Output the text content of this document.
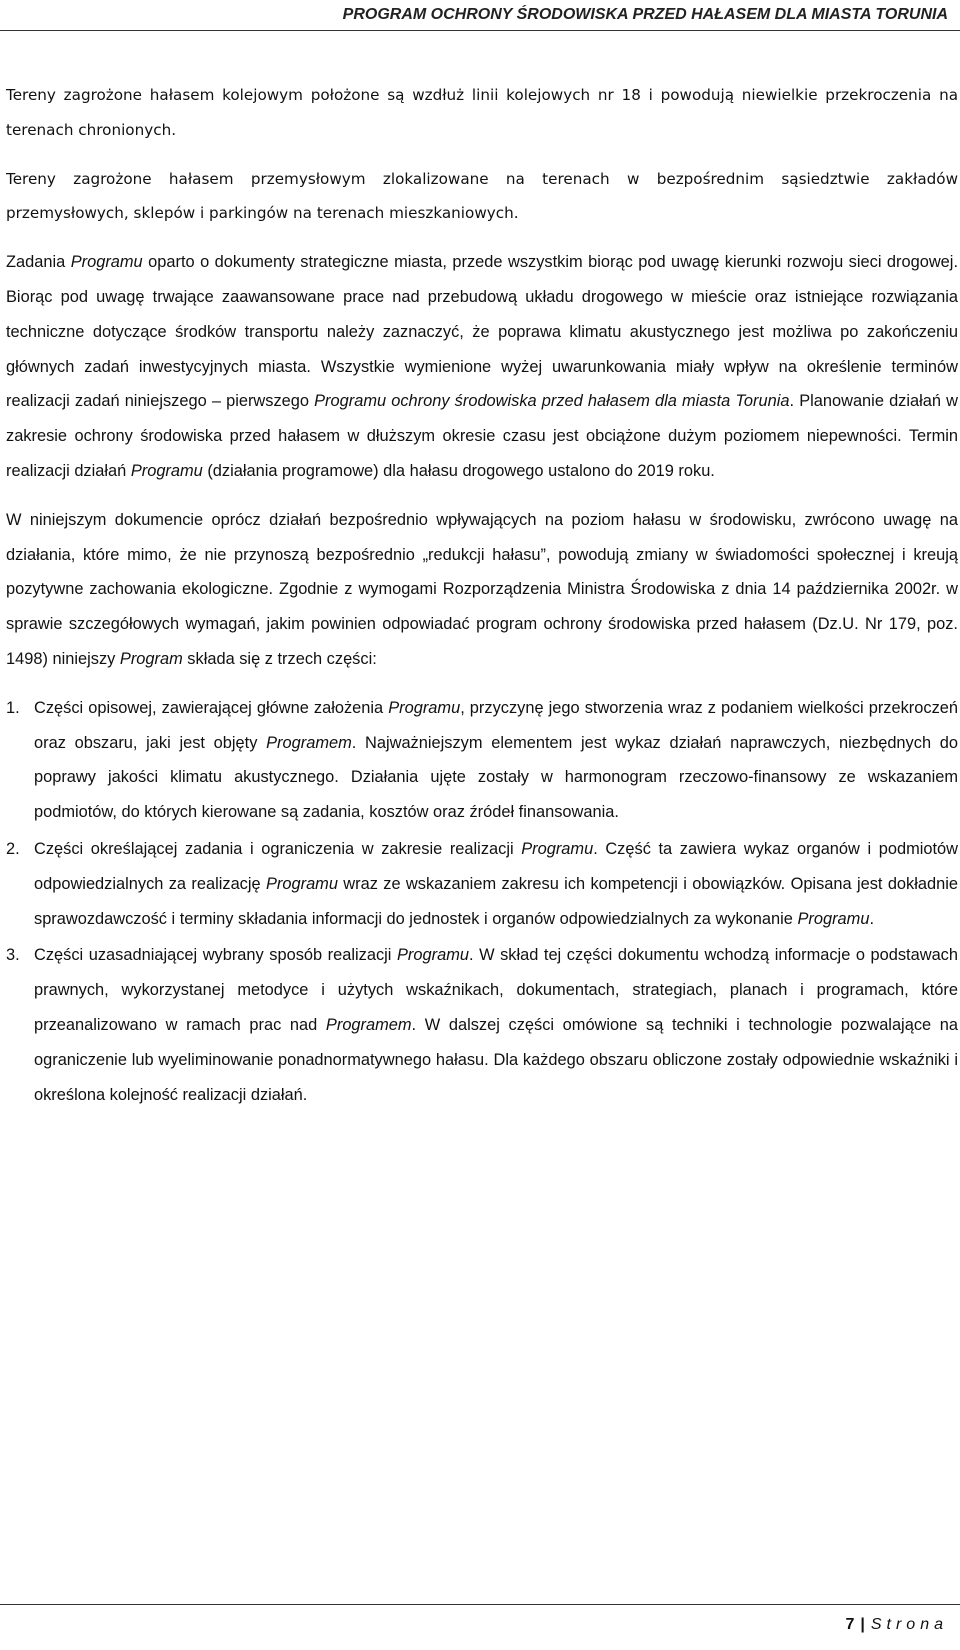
PROGRAM OCHRONY ŚRODOWISKA PRZED HAŁASEM DLA MIASTA TORUNIA

Tereny zagrożone hałasem kolejowym położone są wzdłuż linii kolejowych nr 18 i powodują niewielkie przekroczenia na terenach chronionych.

Tereny zagrożone hałasem przemysłowym zlokalizowane na terenach w bezpośrednim sąsiedztwie zakładów przemysłowych, sklepów i parkingów na terenach mieszkaniowych.

Zadania Programu oparto o dokumenty strategiczne miasta, przede wszystkim biorąc pod uwagę kierunki rozwoju sieci drogowej. Biorąc pod uwagę trwające zaawansowane prace nad przebudową układu drogowego w mieście oraz istniejące rozwiązania techniczne dotyczące środków transportu należy zaznaczyć, że poprawa klimatu akustycznego jest możliwa po zakończeniu głównych zadań inwestycyjnych miasta. Wszystkie wymienione wyżej uwarunkowania miały wpływ na określenie terminów realizacji zadań niniejszego – pierwszego Programu ochrony środowiska przed hałasem dla miasta Torunia. Planowanie działań w zakresie ochrony środowiska przed hałasem w dłuższym okresie czasu jest obciążone dużym poziomem niepewności. Termin realizacji działań Programu (działania programowe) dla hałasu drogowego ustalono do 2019 roku.

W niniejszym dokumencie oprócz działań bezpośrednio wpływających na poziom hałasu w środowisku, zwrócono uwagę na działania, które mimo, że nie przynoszą bezpośrednio „redukcji hałasu”, powodują zmiany w świadomości społecznej i kreują pozytywne zachowania ekologiczne. Zgodnie z wymogami Rozporządzenia Ministra Środowiska z dnia 14 października 2002r. w sprawie szczegółowych wymagań, jakim powinien odpowiadać program ochrony środowiska przed hałasem (Dz.U. Nr 179, poz. 1498) niniejszy Program składa się z trzech części:

1. Części opisowej, zawierającej główne założenia Programu, przyczynę jego stworzenia wraz z podaniem wielkości przekroczeń oraz obszaru, jaki jest objęty Programem. Najważniejszym elementem jest wykaz działań naprawczych, niezbędnych do poprawy jakości klimatu akustycznego. Działania ujęte zostały w harmonogram rzeczowo-finansowy ze wskazaniem podmiotów, do których kierowane są zadania, kosztów oraz źródeł finansowania.
2. Części określającej zadania i ograniczenia w zakresie realizacji Programu. Część ta zawiera wykaz organów i podmiotów odpowiedzialnych za realizację Programu wraz ze wskazaniem zakresu ich kompetencji i obowiązków. Opisana jest dokładnie sprawozdawczość i terminy składania informacji do jednostek i organów odpowiedzialnych za wykonanie Programu.
3. Części uzasadniającej wybrany sposób realizacji Programu. W skład tej części dokumentu wchodzą informacje o podstawach prawnych, wykorzystanej metodyce i użytych wskaźnikach, dokumentach, strategiach, planach i programach, które przeanalizowano w ramach prac nad Programem. W dalszej części omówione są techniki i technologie pozwalające na ograniczenie lub wyeliminowanie ponadnormatywnego hałasu. Dla każdego obszaru obliczone zostały odpowiednie wskaźniki i określona kolejność realizacji działań.
7 | Strona
